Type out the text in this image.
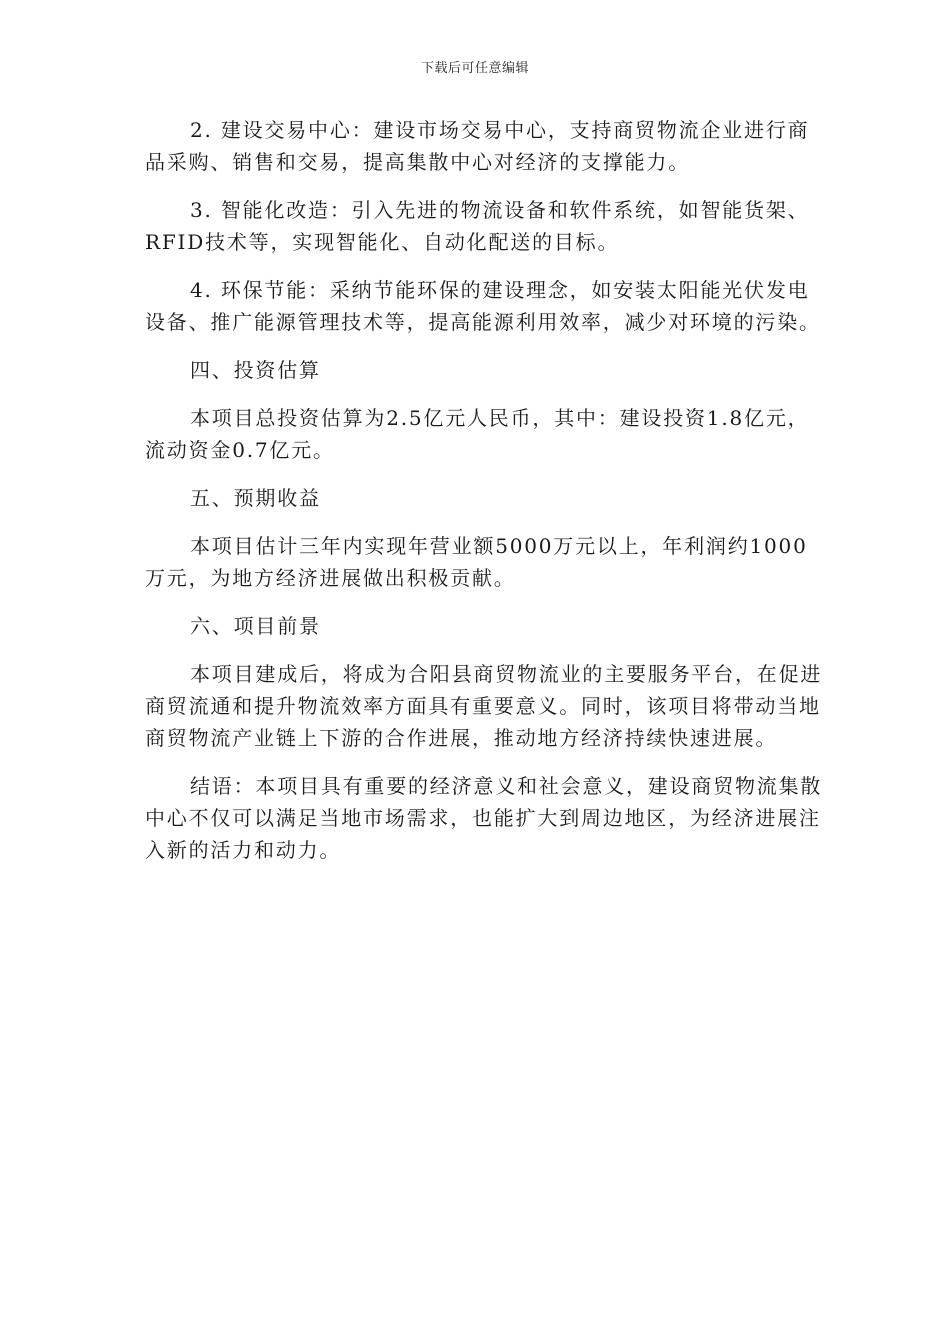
下载后可任意编辑

2. 建设交易中心：建设市场交易中心，支持商贸物流企业进行商品采购、销售和交易，提高集散中心对经济的支撑能力。

3. 智能化改造：引入先进的物流设备和软件系统，如智能货架、RFID技术等，实现智能化、自动化配送的目标。

4. 环保节能：采纳节能环保的建设理念，如安装太阳能光伏发电设备、推广能源管理技术等，提高能源利用效率，减少对环境的污染。

四、投资估算

本项目总投资估算为2.5亿元人民币，其中：建设投资1.8亿元，流动资金0.7亿元。

五、预期收益

本项目估计三年内实现年营业额5000万元以上，年利润约1000万元，为地方经济进展做出积极贡献。

六、项目前景

本项目建成后，将成为合阳县商贸物流业的主要服务平台，在促进商贸流通和提升物流效率方面具有重要意义。同时，该项目将带动当地商贸物流产业链上下游的合作进展，推动地方经济持续快速进展。

结语：本项目具有重要的经济意义和社会意义，建设商贸物流集散中心不仅可以满足当地市场需求，也能扩大到周边地区，为经济进展注入新的活力和动力。
